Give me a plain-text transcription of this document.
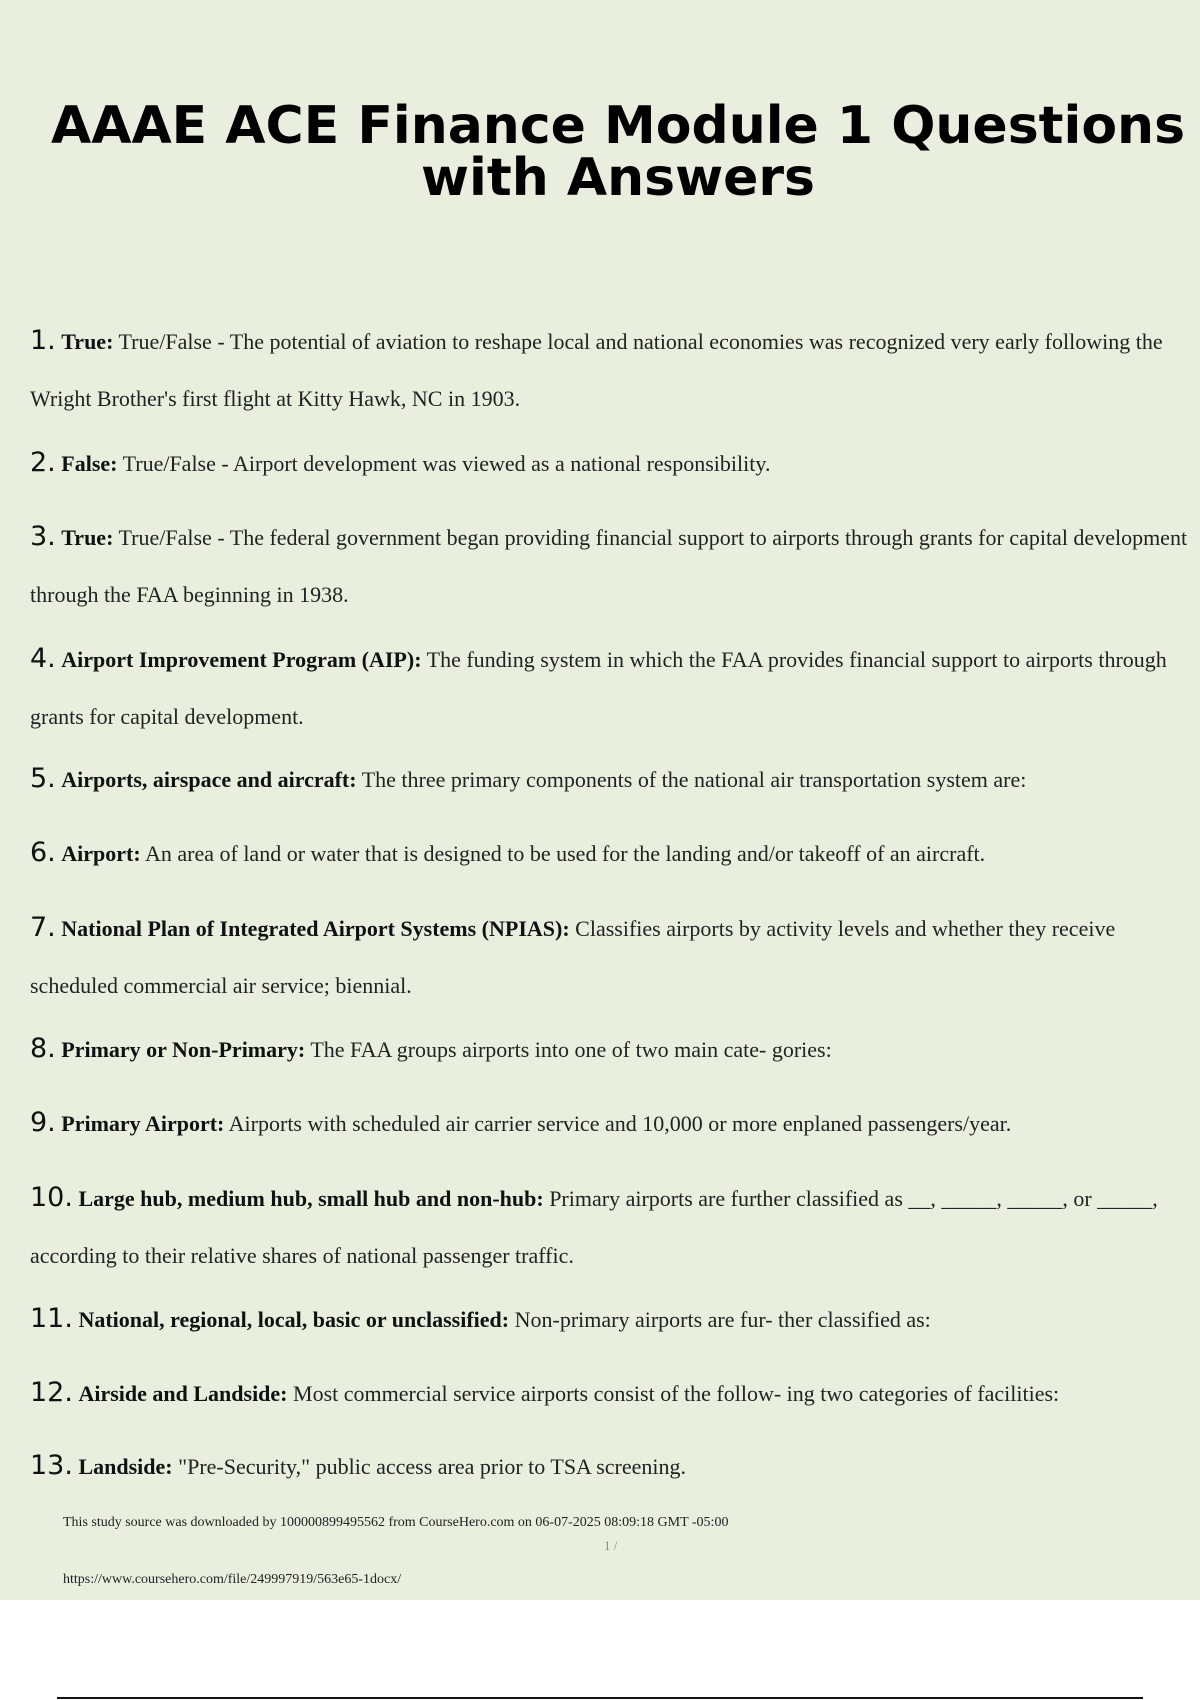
AAAE ACE Finance Module 1 Questions
with Answers

1. True: True/False - The potential of aviation to reshape local and national economies was recognized very early following the Wright Brother's first flight at Kitty Hawk, NC in 1903.

2. False: True/False - Airport development was viewed as a national responsibility.

3. True: True/False - The federal government began providing financial support to airports through grants for capital development through the FAA beginning in 1938.

4. Airport Improvement Program (AIP): The funding system in which the FAA provides financial support to airports through grants for capital development.

5. Airports, airspace and aircraft: The three primary components of the national air transportation system are:

6. Airport: An area of land or water that is designed to be used for the landing and/or takeoff of an aircraft.

7. National Plan of Integrated Airport Systems (NPIAS): Classifies airports by activity levels and whether they receive scheduled commercial air service; biennial.

8. Primary or Non-Primary: The FAA groups airports into one of two main cate- gories:

9. Primary Airport: Airports with scheduled air carrier service and 10,000 or more enplaned passengers/year.

10. Large hub, medium hub, small hub and non-hub: Primary airports are further classified as __, _____, _____, or _____, according to their relative shares of national passenger traffic.

11. National, regional, local, basic or unclassified: Non-primary airports are fur- ther classified as:

12. Airside and Landside: Most commercial service airports consist of the follow- ing two categories of facilities:

13. Landside: "Pre-Security," public access area prior to TSA screening.

This study source was downloaded by 100000899495562 from CourseHero.com on 06-07-2025 08:09:18 GMT -05:00

1 /

https://www.coursehero.com/file/249997919/563e65-1docx/
